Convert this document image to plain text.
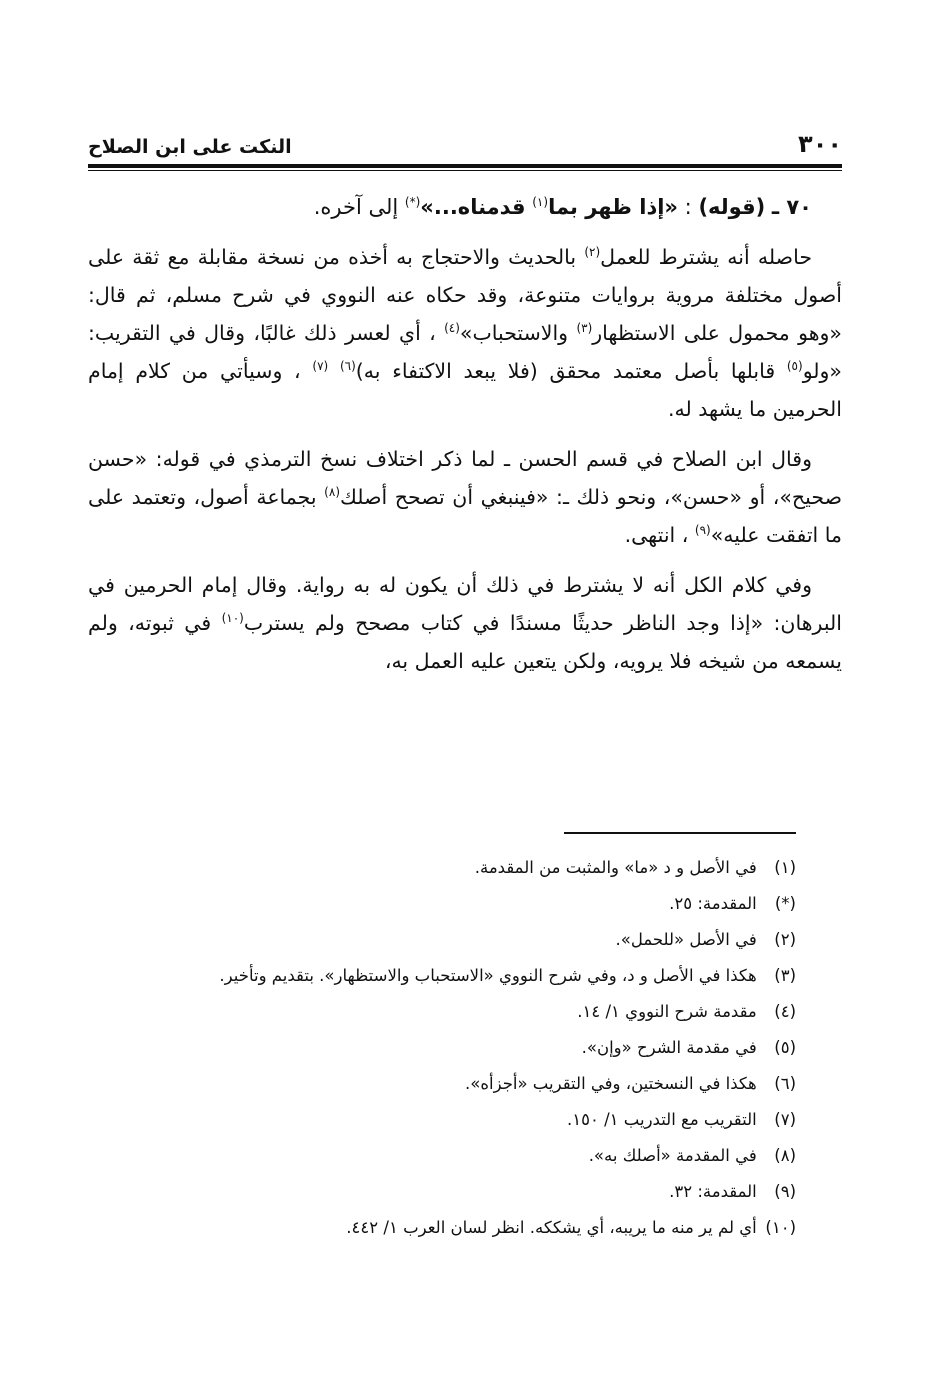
٣٠٠
النكت على ابن الصلاح

٧٠ ـ (قوله) : «إذا ظهر بما$^{(١)}$ قدمناه...»(*) إلى آخره.

حاصله أنه يشترط للعمل$^{(٢)}$ بالحديث والاحتجاج به أخذه من نسخة مقابلة مع ثقة على أصول مختلفة مروية بروايات متنوعة، وقد حكاه عنه النووي في شرح مسلم، ثم قال: «وهو محمول على الاستظهار$^{(٣)}$ والاستحباب»$^{(٤)}$ ، أي لعسر ذلك غالبًا، وقال في التقريب: «ولو$^{(٥)}$ قابلها بأصل معتمد محقق (فلا يبعد الاكتفاء به)$^{(٦)}$ $^{(٧)}$ ، وسيأتي من كلام إمام الحرمين ما يشهد له.

وقال ابن الصلاح في قسم الحسن ـ لما ذكر اختلاف نسخ الترمذي في قوله: «حسن صحيح»، أو «حسن»، ونحو ذلك ـ: «فينبغي أن تصحح أصلك$^{(٨)}$ بجماعة أصول، وتعتمد على ما اتفقت عليه»$^{(٩)}$ ، انتهى.

وفي كلام الكل أنه لا يشترط في ذلك أن يكون له به رواية. وقال إمام الحرمين في البرهان: «إذا وجد الناظر حديثًا مسندًا في كتاب مصحح ولم يسترب$^{(١٠)}$ في ثبوته، ولم يسمعه من شيخه فلا يرويه، ولكن يتعين عليه العمل به،

(١) في الأصل و د «ما» والمثبت من المقدمة.
(*) المقدمة: ٢٥.
(٢) في الأصل «للحمل».
(٣) هكذا في الأصل و د، وفي شرح النووي «الاستحباب والاستظهار». بتقديم وتأخير.
(٤) مقدمة شرح النووي ١/ ١٤.
(٥) في مقدمة الشرح «وإن».
(٦) هكذا في النسختين، وفي التقريب «أجزأه».
(٧) التقريب مع التدريب ١/ ١٥٠.
(٨) في المقدمة «أصلك به».
(٩) المقدمة: ٣٢.
(١٠) أي لم ير منه ما يريبه، أي يشككه. انظر لسان العرب ١/ ٤٤٢.
